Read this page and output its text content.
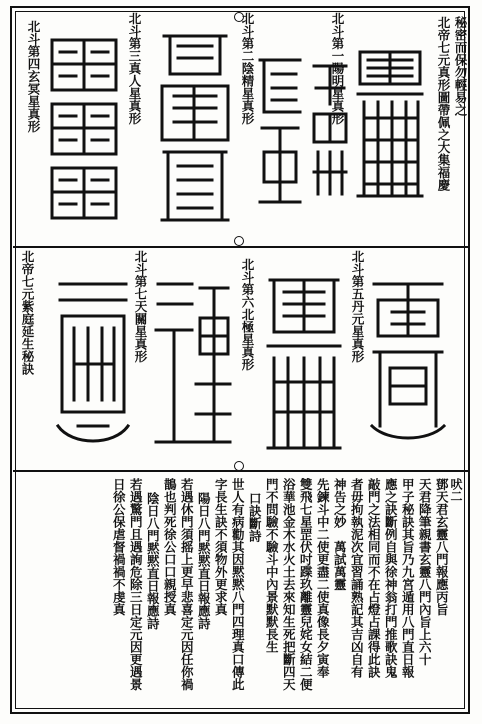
秘密而保勿輕易之
北帝七元真形圖帶佩之大集福慶
北斗第一陽明星真形
北斗第二陰精星真形
北斗第三真人星真形
北斗第四玄冥星真形
北斗第五丹元星真形
北斗第六北極星真形
北斗第七天關星真形
北帝七元紫庭延生秘訣
吠二
鄧天君玄靈八門報應丙旨
天君降筆親書玄靈八門內旨上六十
甲子秘訣其旨乃九宮遁用八門直日報
應之訣斷例自與徐神翁打門推歌訣鬼
敲門之法相同而不在占燈占課得此訣
者毋拘執泥次宜習誦熟記其吉凶自有
神告之妙　萬試萬靈
先鍊斗中二使更盡二使真像長夕寅奉
雙飛七星罡伏吋蹀玖離靈兒姹女結二便
浴華池金木水火土去來知生死把斷四天
門不問驗不驗斗中內景默默長生
口訣斷詩
世人有病勸其因黙黙八門四理真口傳此
字長生訣不須物外更求真
陽日八門黙黙直日報應詩
若遇休門須摇上更早悲喜定元因任你禍
鵲也判死徐公口口親授真
陰日八門黙黙直日報應詩
若遇驚門且遇詢危除三日定元因更遇景
日徐公保虐督禍禍不虔真
